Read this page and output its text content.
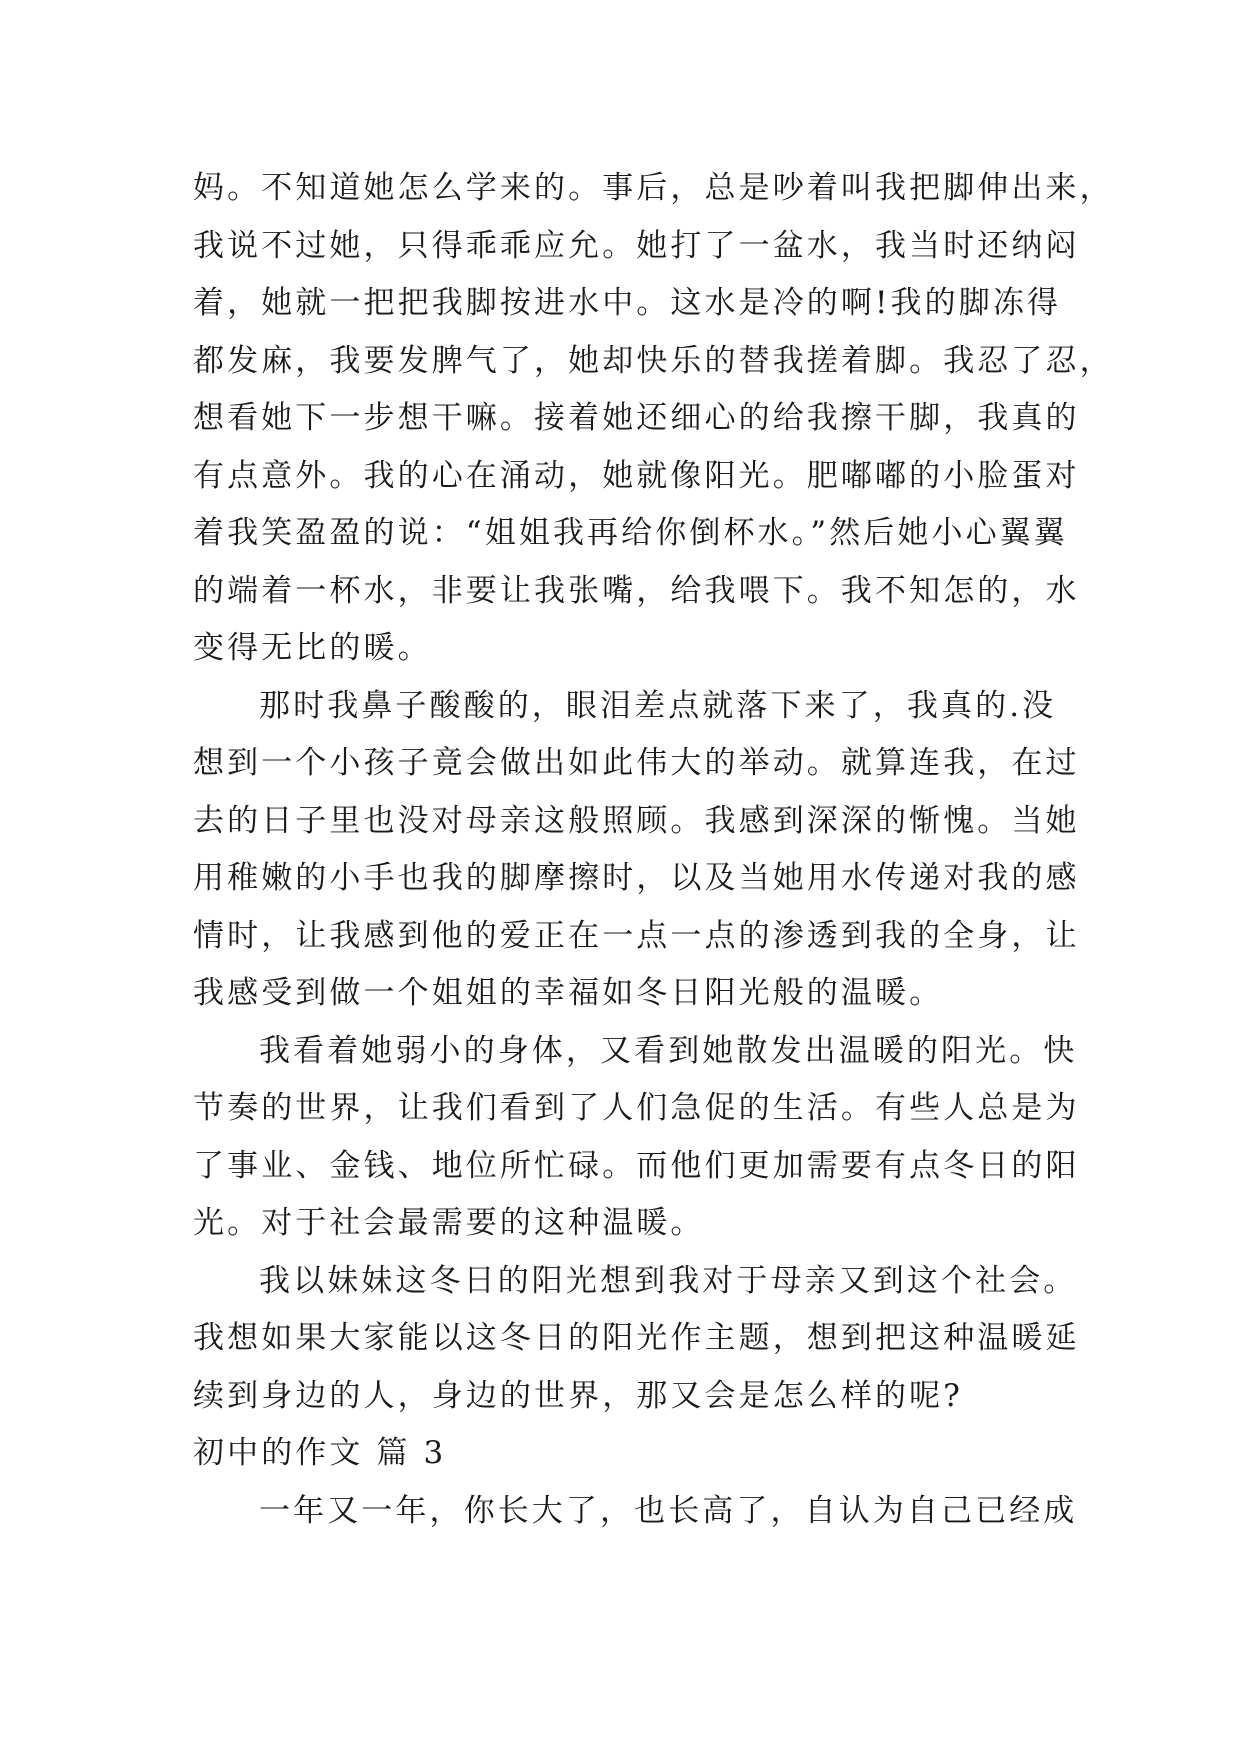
妈。不知道她怎么学来的。事后，总是吵着叫我把脚伸出来，
我说不过她，只得乖乖应允。她打了一盆水，我当时还纳闷
着，她就一把把我脚按进水中。这水是冷的啊!我的脚冻得
都发麻，我要发脾气了，她却快乐的替我搓着脚。我忍了忍，
想看她下一步想干嘛。接着她还细心的给我擦干脚，我真的
有点意外。我的心在涌动，她就像阳光。肥嘟嘟的小脸蛋对
着我笑盈盈的说：“姐姐我再给你倒杯水。”然后她小心翼翼
的端着一杯水，非要让我张嘴，给我喂下。我不知怎的，水
变得无比的暖。
那时我鼻子酸酸的，眼泪差点就落下来了，我真的.没
想到一个小孩子竟会做出如此伟大的举动。就算连我，在过
去的日子里也没对母亲这般照顾。我感到深深的惭愧。当她
用稚嫩的小手也我的脚摩擦时，以及当她用水传递对我的感
情时，让我感到他的爱正在一点一点的渗透到我的全身，让
我感受到做一个姐姐的幸福如冬日阳光般的温暖。
我看着她弱小的身体，又看到她散发出温暖的阳光。快
节奏的世界，让我们看到了人们急促的生活。有些人总是为
了事业、金钱、地位所忙碌。而他们更加需要有点冬日的阳
光。对于社会最需要的这种温暖。
我以妹妹这冬日的阳光想到我对于母亲又到这个社会。
我想如果大家能以这冬日的阳光作主题，想到把这种温暖延
续到身边的人，身边的世界，那又会是怎么样的呢?
初中的作文 篇 3
一年又一年，你长大了，也长高了，自认为自己已经成
